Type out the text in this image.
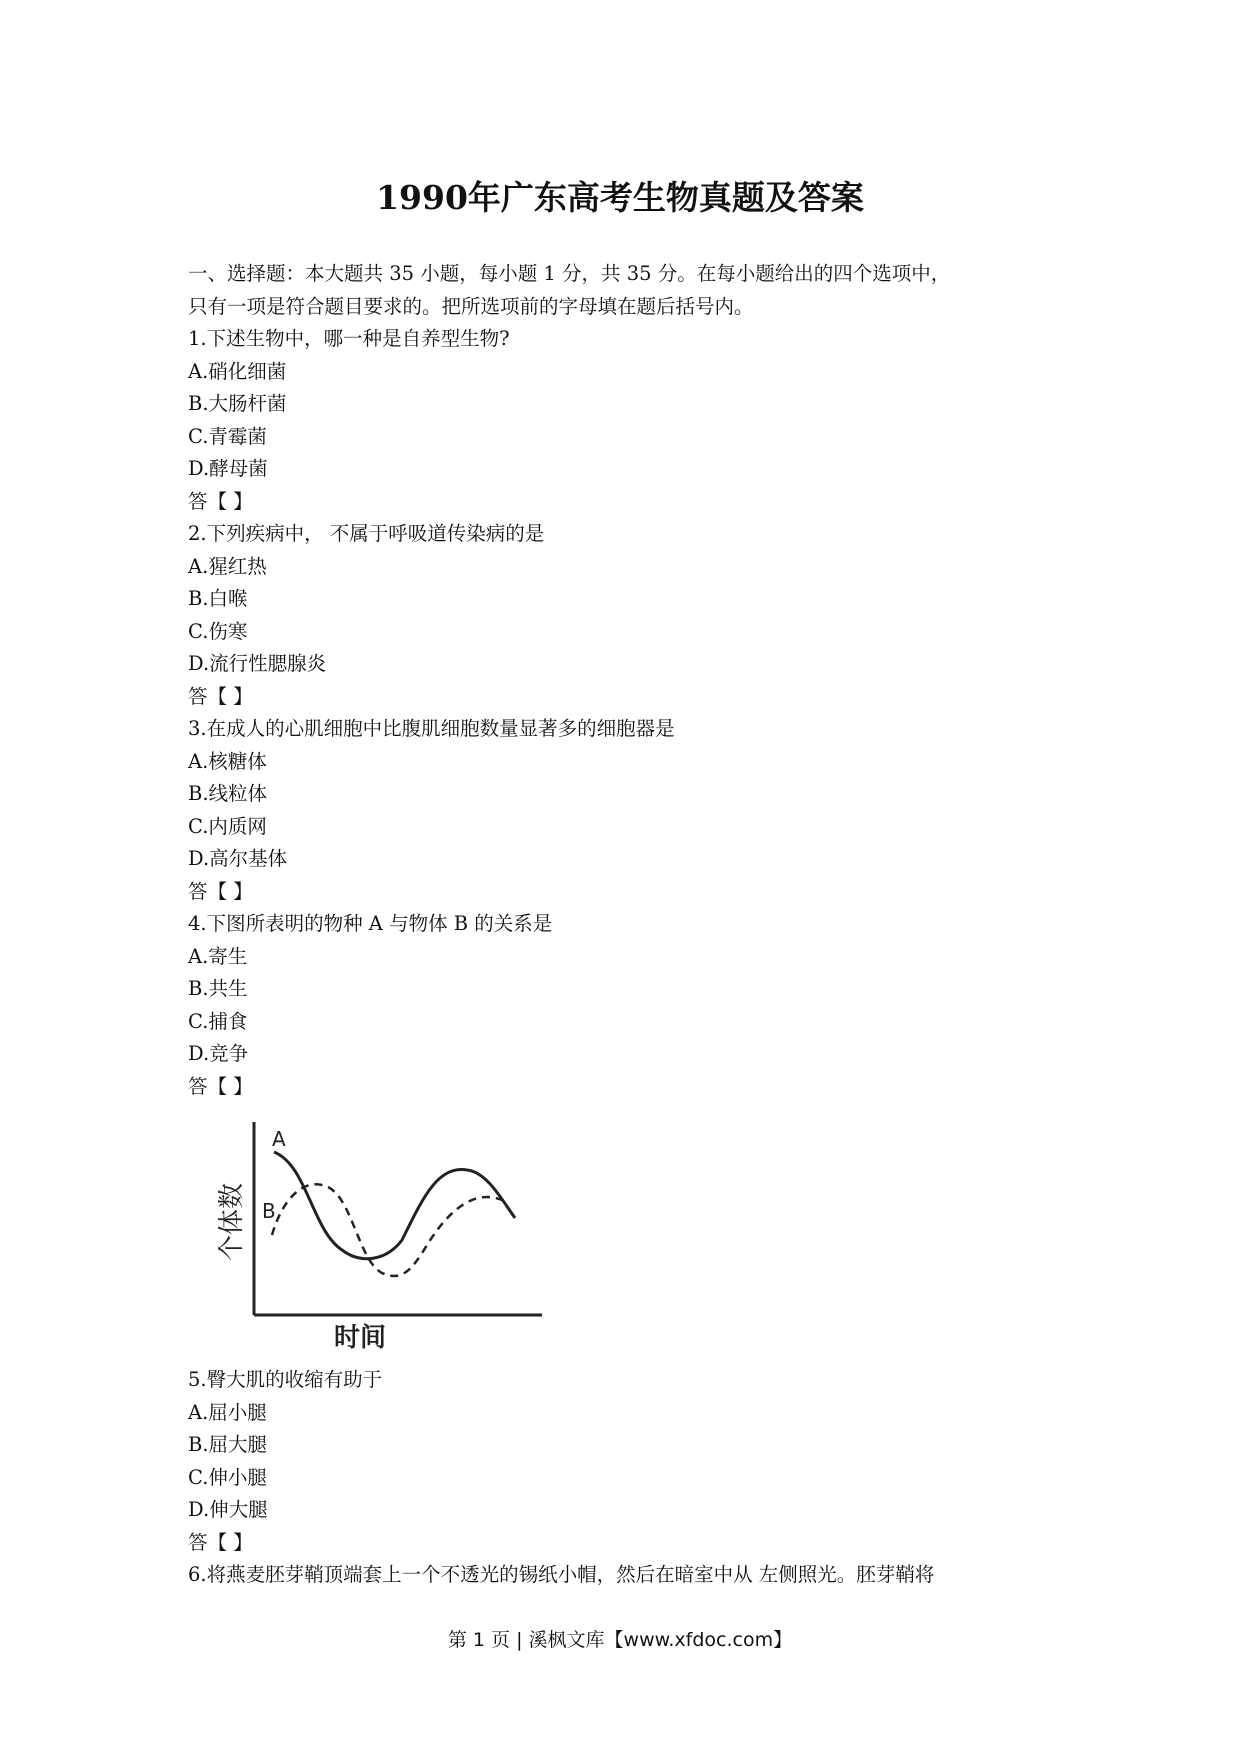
1990年广东高考生物真题及答案
一、选择题：本大题共 35 小题，每小题 1 分，共 35 分。在每小题给出的四个选项中，
只有一项是符合题目要求的。把所选项前的字母填在题后括号内。
1.下述生物中，哪一种是自养型生物?
A.硝化细菌
B.大肠杆菌
C.青霉菌
D.酵母菌
答【 】
2.下列疾病中， 不属于呼吸道传染病的是
A.猩红热
B.白喉
C.伤寒
D.流行性腮腺炎
答【 】
3.在成人的心肌细胞中比腹肌细胞数量显著多的细胞器是
A.核糖体
B.线粒体
C.内质网
D.高尔基体
答【 】
4.下图所表明的物种 A 与物体 B 的关系是
A.寄生
B.共生
C.捕食
D.竞争
答【 】
个体数
时间
A
B
5.臀大肌的收缩有助于
A.屈小腿
B.屈大腿
C.伸小腿
D.伸大腿
答【 】
6.将燕麦胚芽鞘顶端套上一个不透光的锡纸小帽，然后在暗室中从 左侧照光。胚芽鞘将
第 1 页 | 溪枫文库【www.xfdoc.com】
